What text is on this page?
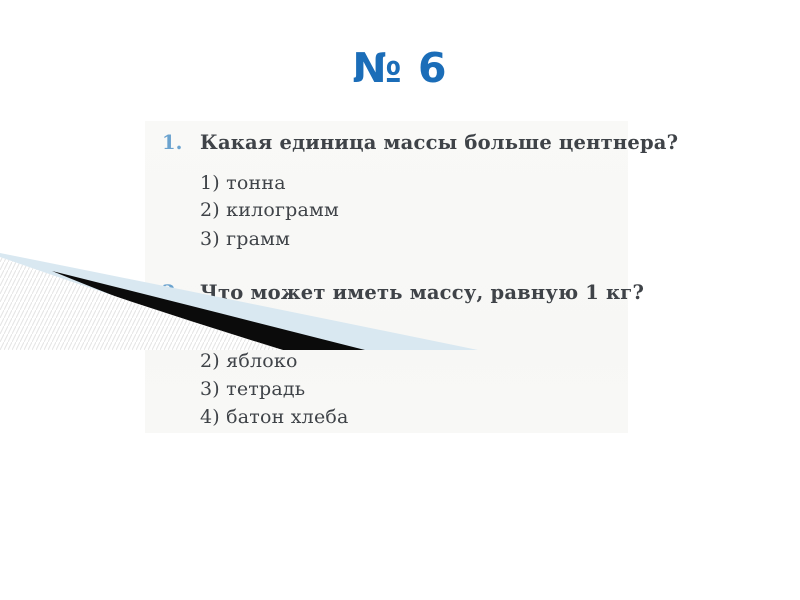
№ 6
1. Какая единица массы больше центнера?
1) тонна
2) килограмм
3) грамм
Что может иметь массу, равную 1 кг?
2) яблоко
3) тетрадь
4) батон хлеба
